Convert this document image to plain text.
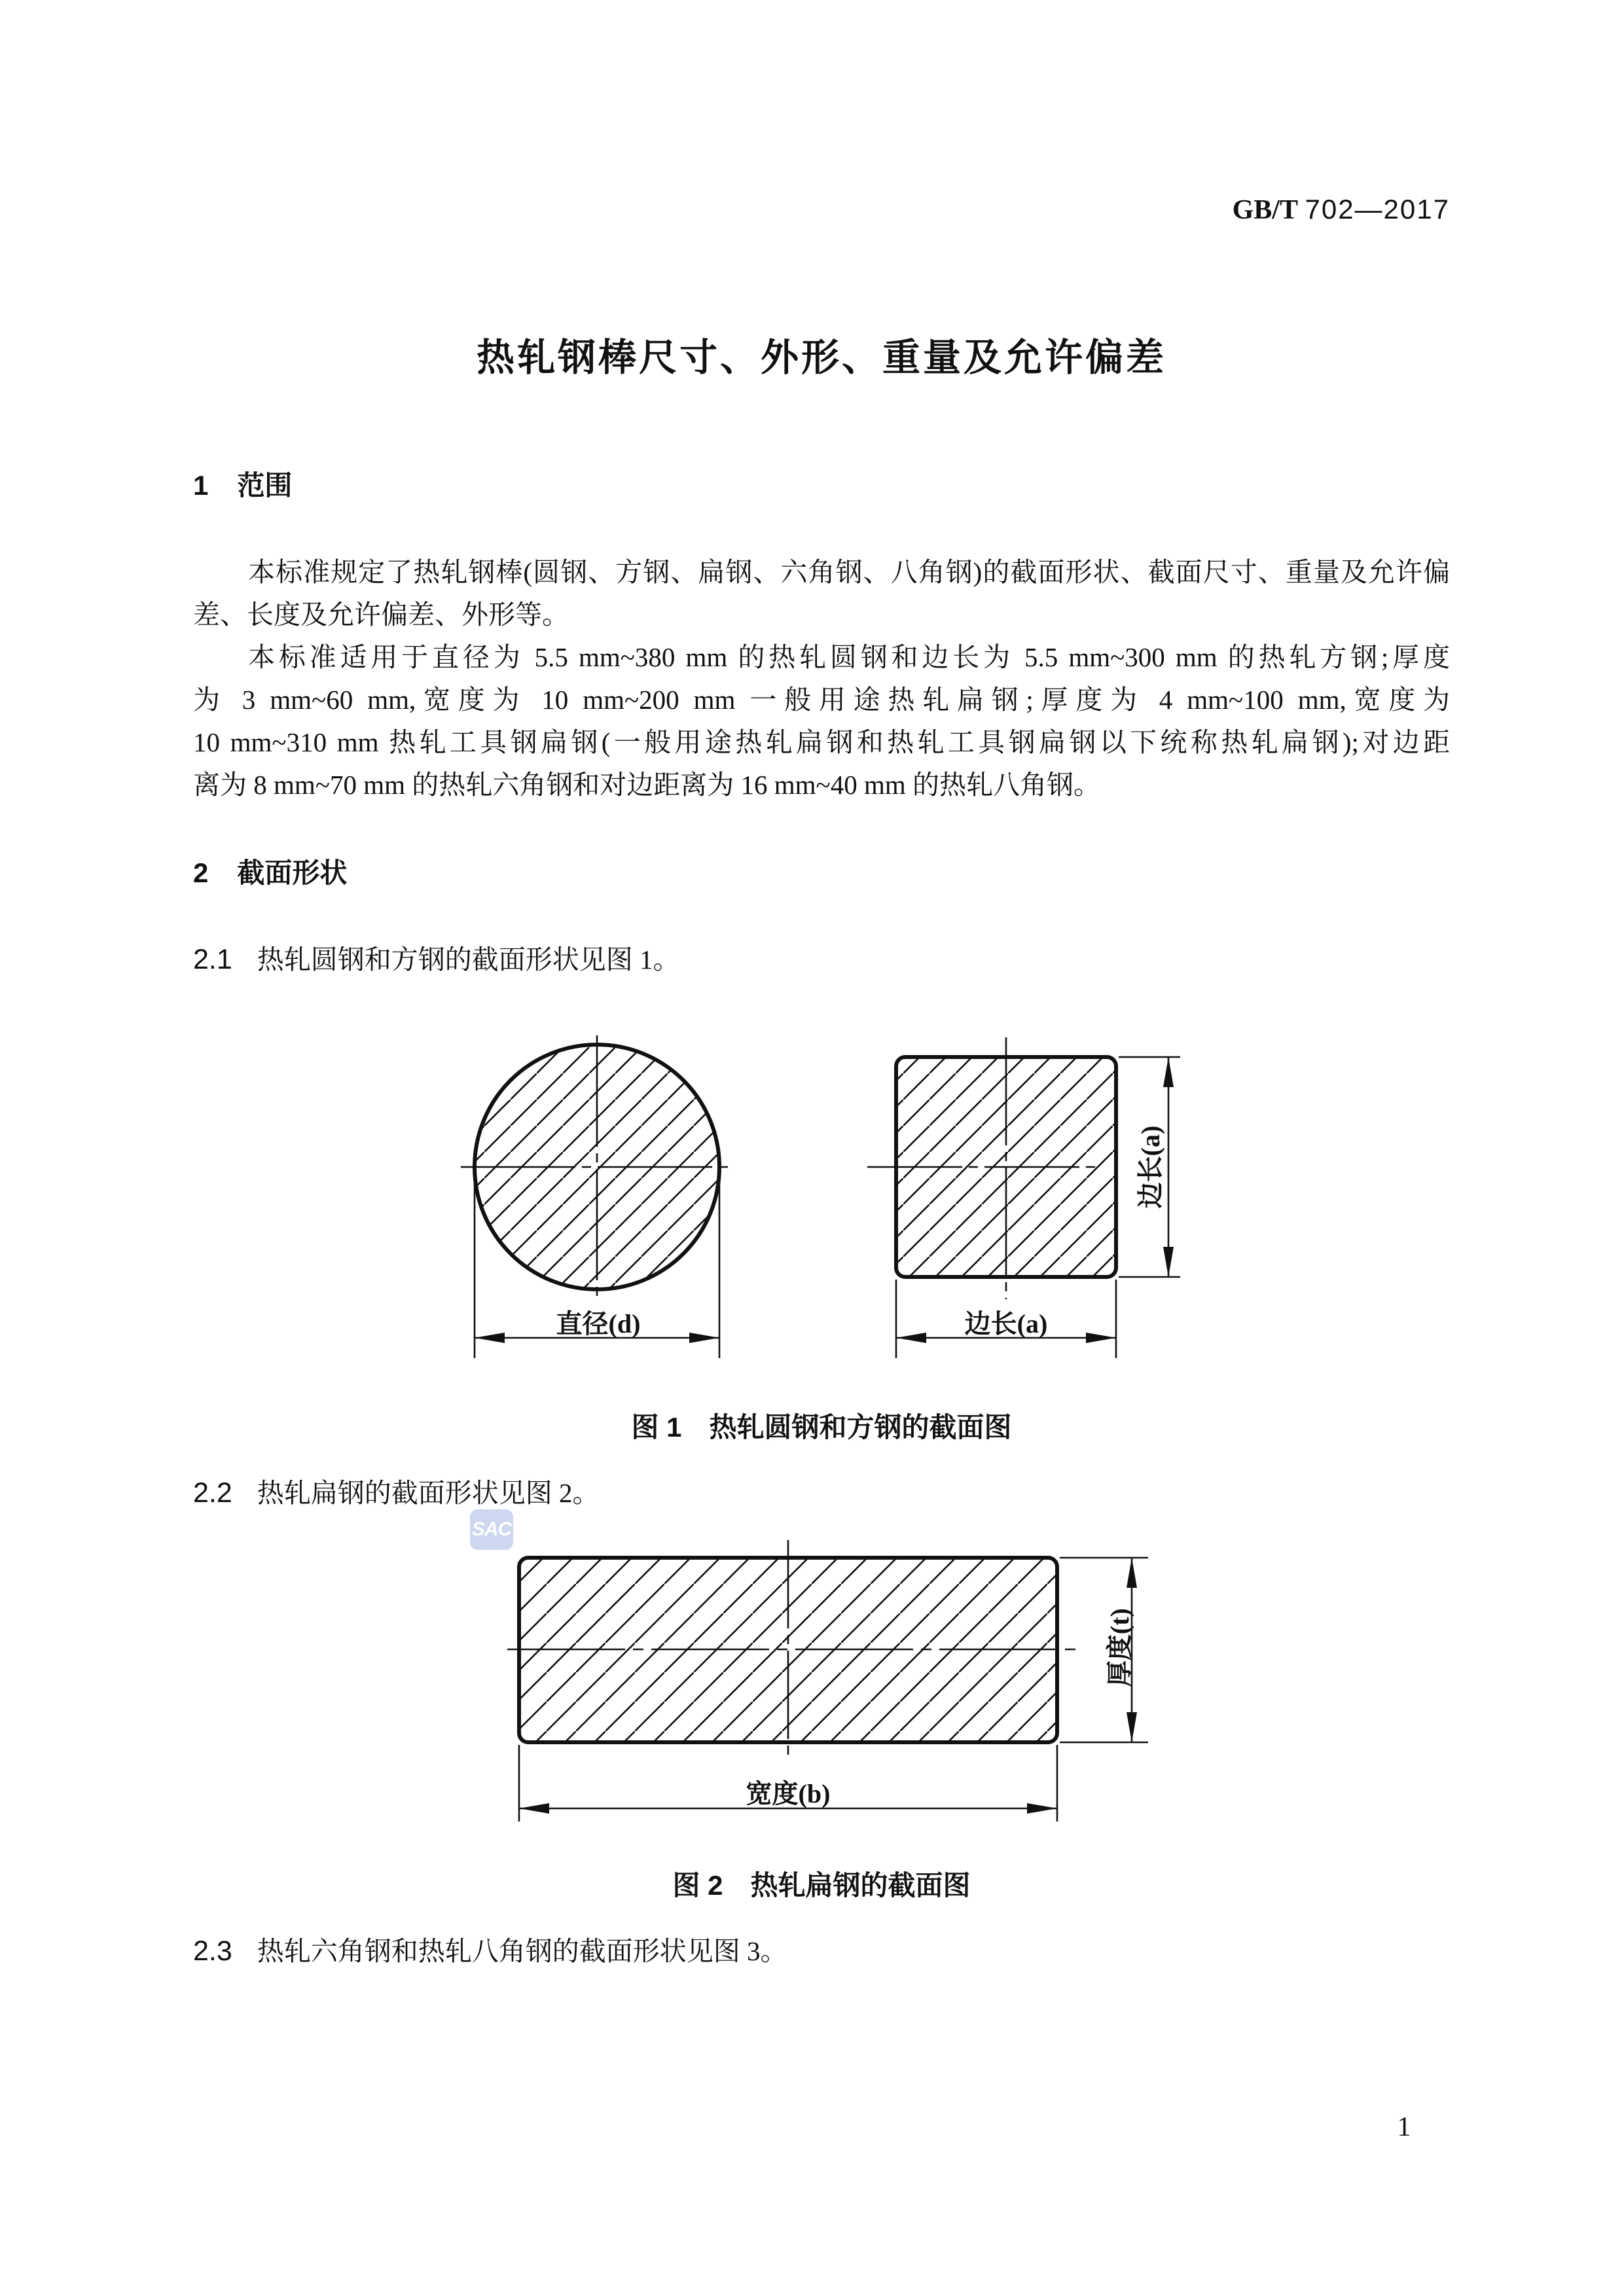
GB/T 702—2017
热轧钢棒尺寸、外形、重量及允许偏差
1 范围
本标准规定了热轧钢棒(圆钢、方钢、扁钢、六角钢、八角钢)的截面形状、截面尺寸、重量及允许偏
差、长度及允许偏差、外形等。
本标准适用于直径为 5.5 mm~380 mm 的热轧圆钢和边长为 5.5 mm~300 mm 的热轧方钢;厚度
为 3 mm~60 mm,宽度为 10 mm~200 mm 一般用途热轧扁钢;厚度为 4 mm~100 mm,宽度为
10 mm~310 mm 热轧工具钢扁钢(一般用途热轧扁钢和热轧工具钢扁钢以下统称热轧扁钢);对边距
离为 8 mm~70 mm 的热轧六角钢和对边距离为 16 mm~40 mm 的热轧八角钢。
2 截面形状
2.1 热轧圆钢和方钢的截面形状见图 1。
直径(d)
边长(a)
边长(a)
图 1　热轧圆钢和方钢的截面图
2.2 热轧扁钢的截面形状见图 2。
SAC
厚度(t)
宽度(b)
图 2　热轧扁钢的截面图
2.3 热轧六角钢和热轧八角钢的截面形状见图 3。
1
